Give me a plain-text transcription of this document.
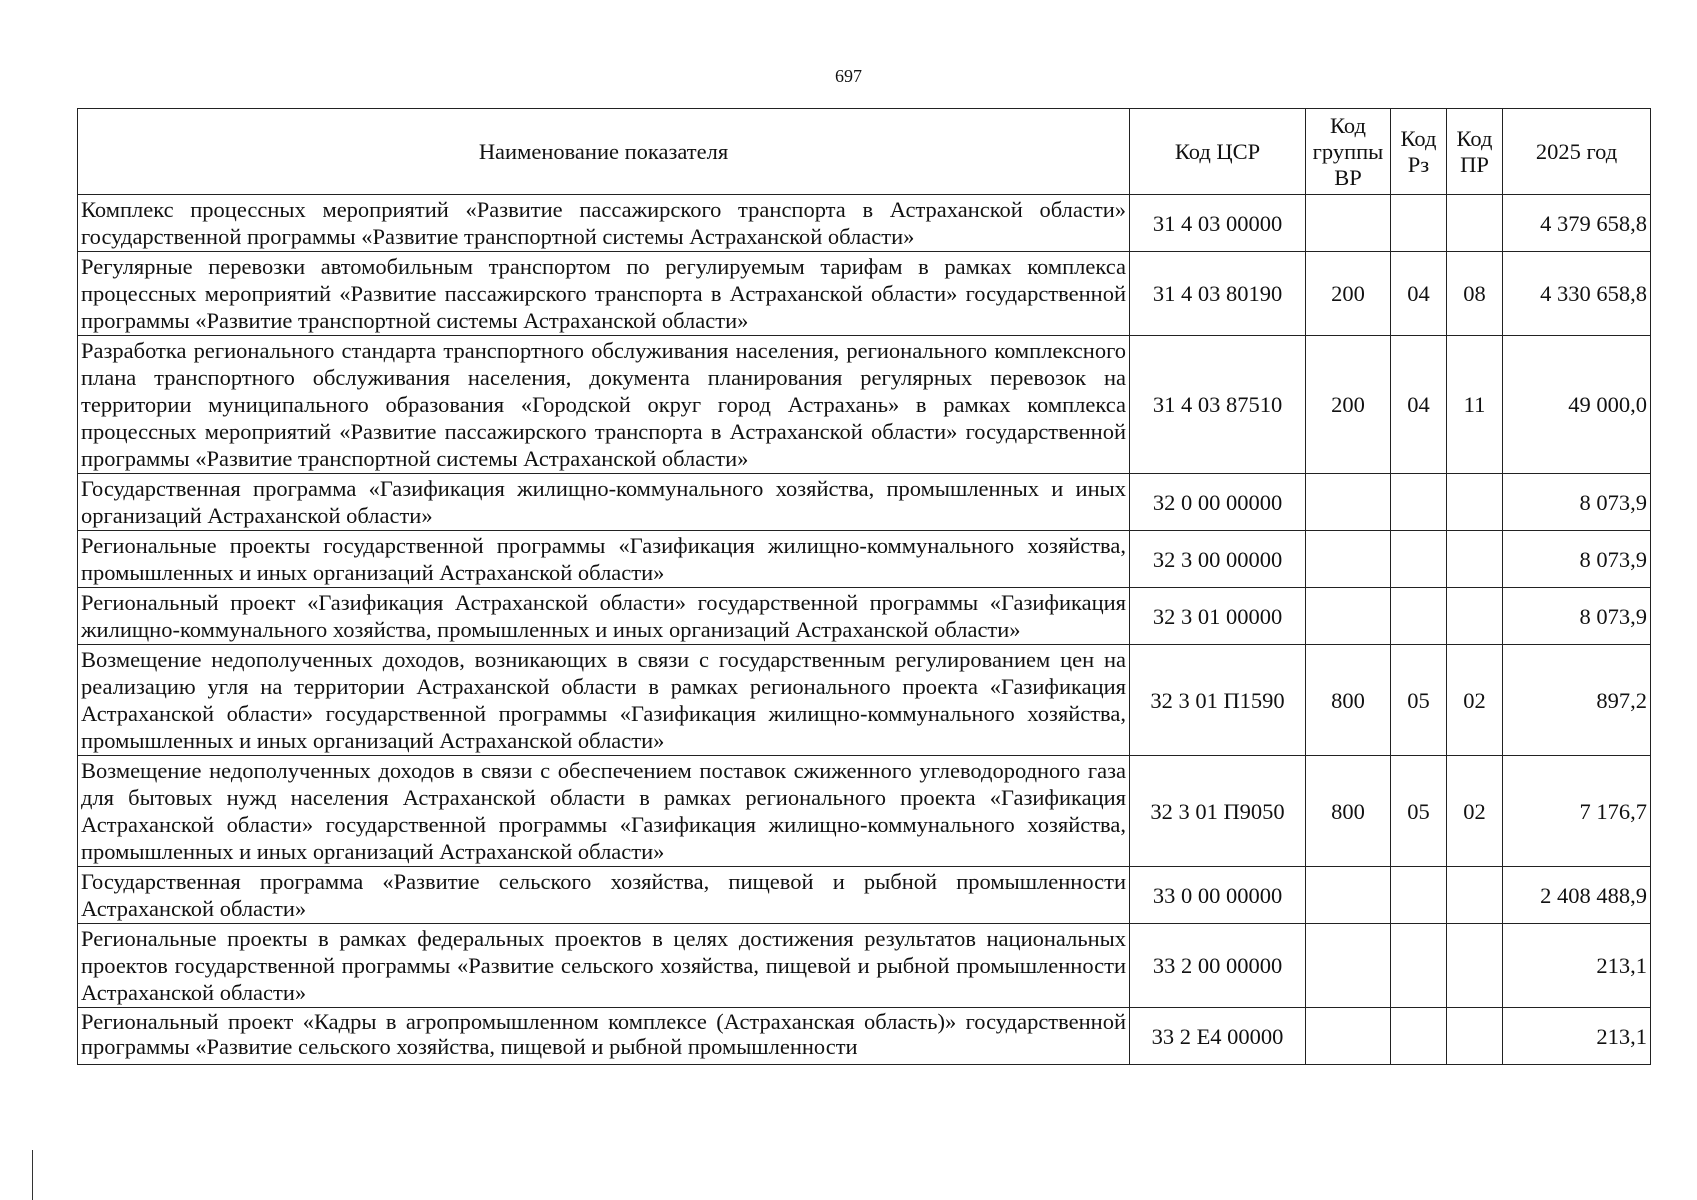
697
Наименование показателя	Код ЦСР	Код группы ВР	Код Рз	Код ПР	2025 год
Комплекс процессных мероприятий «Развитие пассажирского транспорта в Астраханской области» государственной программы «Развитие транспортной системы Астраханской области»	31 4 03 00000				4 379 658,8
Регулярные перевозки автомобильным транспортом по регулируемым тарифам в рамках комплекса процессных мероприятий «Развитие пассажирского транспорта в Астраханской области» государственной программы «Развитие транспортной системы Астраханской области»	31 4 03 80190	200	04	08	4 330 658,8
Разработка регионального стандарта транспортного обслуживания населения, регионального комплексного плана транспортного обслуживания населения, документа планирования регулярных перевозок на территории муниципального образования «Городской округ город Астрахань» в рамках комплекса процессных мероприятий «Развитие пассажирского транспорта в Астраханской области» государственной программы «Развитие транспортной системы Астраханской области»	31 4 03 87510	200	04	11	49 000,0
Государственная программа «Газификация жилищно-коммунального хозяйства, промышленных и иных организаций Астраханской области»	32 0 00 00000				8 073,9
Региональные проекты государственной программы «Газификация жилищно-коммунального хозяйства, промышленных и иных организаций Астраханской области»	32 3 00 00000				8 073,9
Региональный проект «Газификация Астраханской области» государственной программы «Газификация жилищно-коммунального хозяйства, промышленных и иных организаций Астраханской области»	32 3 01 00000				8 073,9
Возмещение недополученных доходов, возникающих в связи с государственным регулированием цен на реализацию угля на территории Астраханской области в рамках регионального проекта «Газификация Астраханской области» государственной программы «Газификация жилищно-коммунального хозяйства, промышленных и иных организаций Астраханской области»	32 3 01 П1590	800	05	02	897,2
Возмещение недополученных доходов в связи с обеспечением поставок сжиженного углеводородного газа для бытовых нужд населения Астраханской области в рамках регионального проекта «Газификация Астраханской области» государственной программы «Газификация жилищно-коммунального хозяйства, промышленных и иных организаций Астраханской области»	32 3 01 П9050	800	05	02	7 176,7
Государственная программа «Развитие сельского хозяйства, пищевой и рыбной промышленности Астраханской области»	33 0 00 00000				2 408 488,9
Региональные проекты в рамках федеральных проектов в целях достижения результатов национальных проектов государственной программы «Развитие сельского хозяйства, пищевой и рыбной промышленности Астраханской области»	33 2 00 00000				213,1

Региональный проект «Кадры в агропромышленном комплексе (Астраханская область)» государственной программы «Развитие сельского хозяйства, пищевой и рыбной промышленности	33 2 Е4 00000				213,1
